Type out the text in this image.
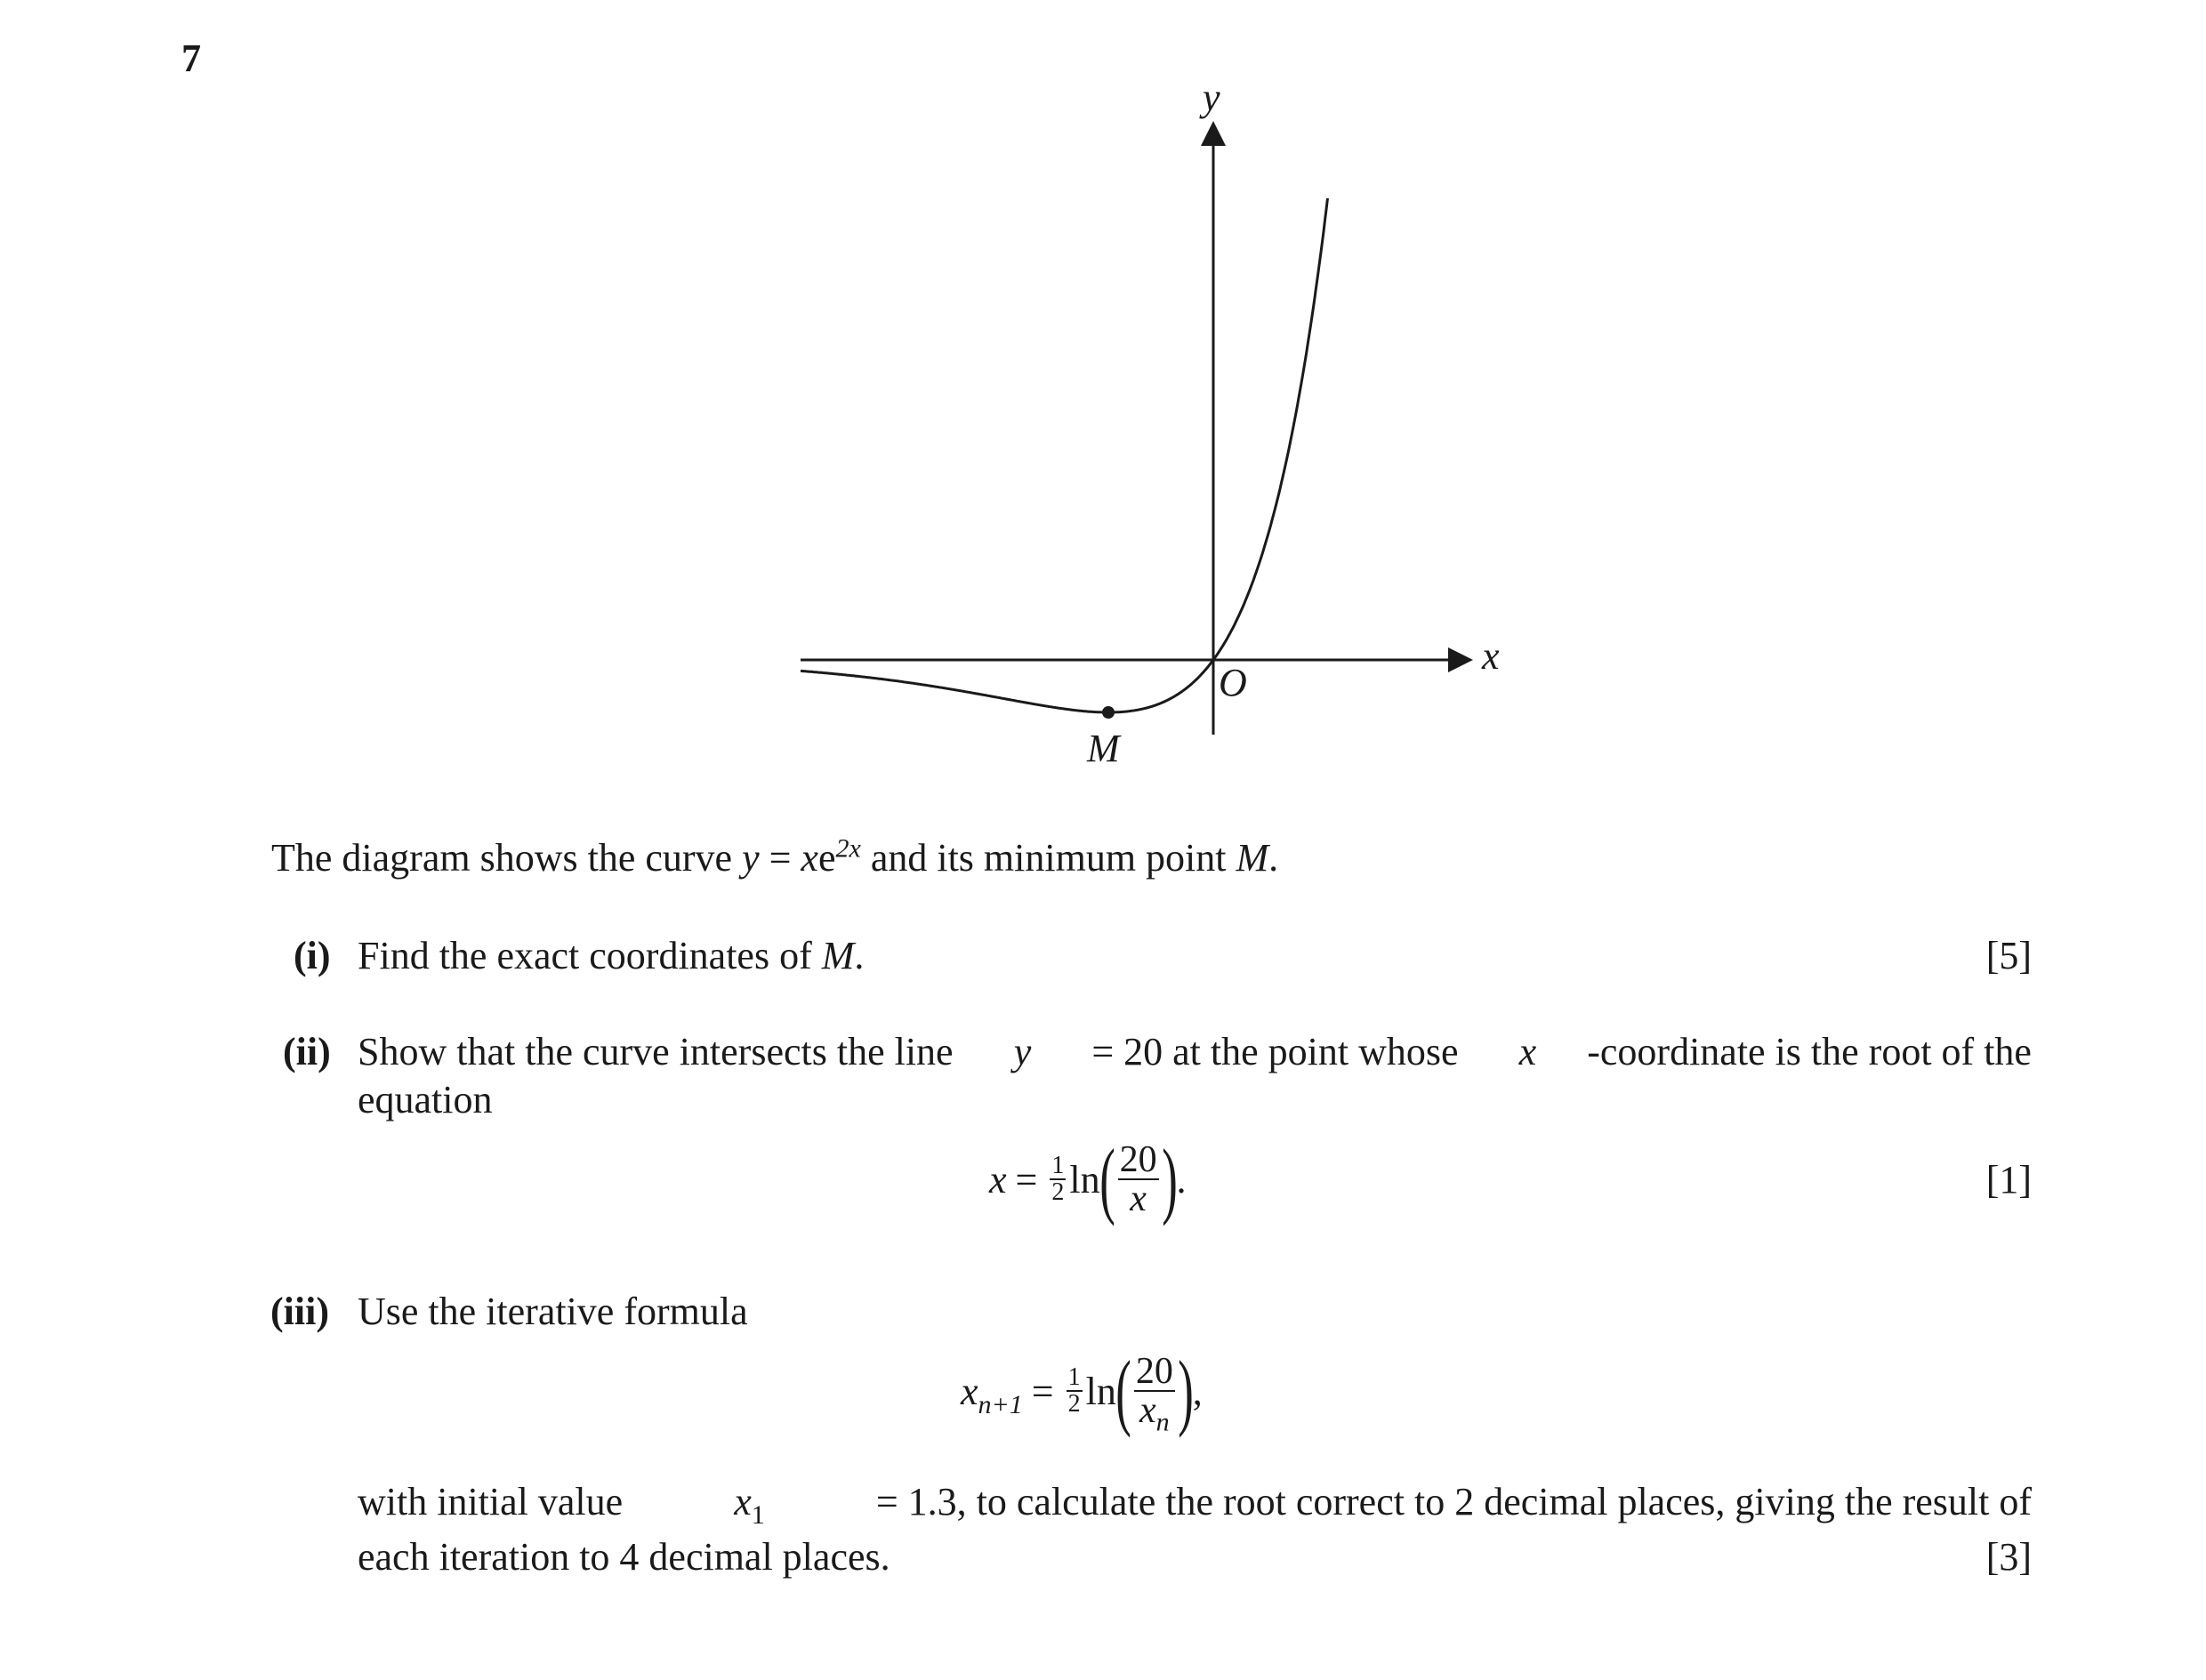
7
y
x
O
M
The diagram shows the curve $y = xe^{2x}$ and its minimum point M.
(i) Find the exact coordinates of M.	[5]
(ii) Show that the curve intersects the line y = 20 at the point whose x -coordinate is the root of the
equation
$x = \frac{1}{2}$ ln ( $\frac{20}{x}$ ) .	[1]
(iii) Use the iterative formula
$x_{n+1} = \frac{1}{2}$ ln ( $\frac{20}{x_n}$ ) ,
with initial value	$x_1$	= 1.3, to calculate the root correct to 2 decimal places, giving the result of
each iteration to 4 decimal places.	[3]
